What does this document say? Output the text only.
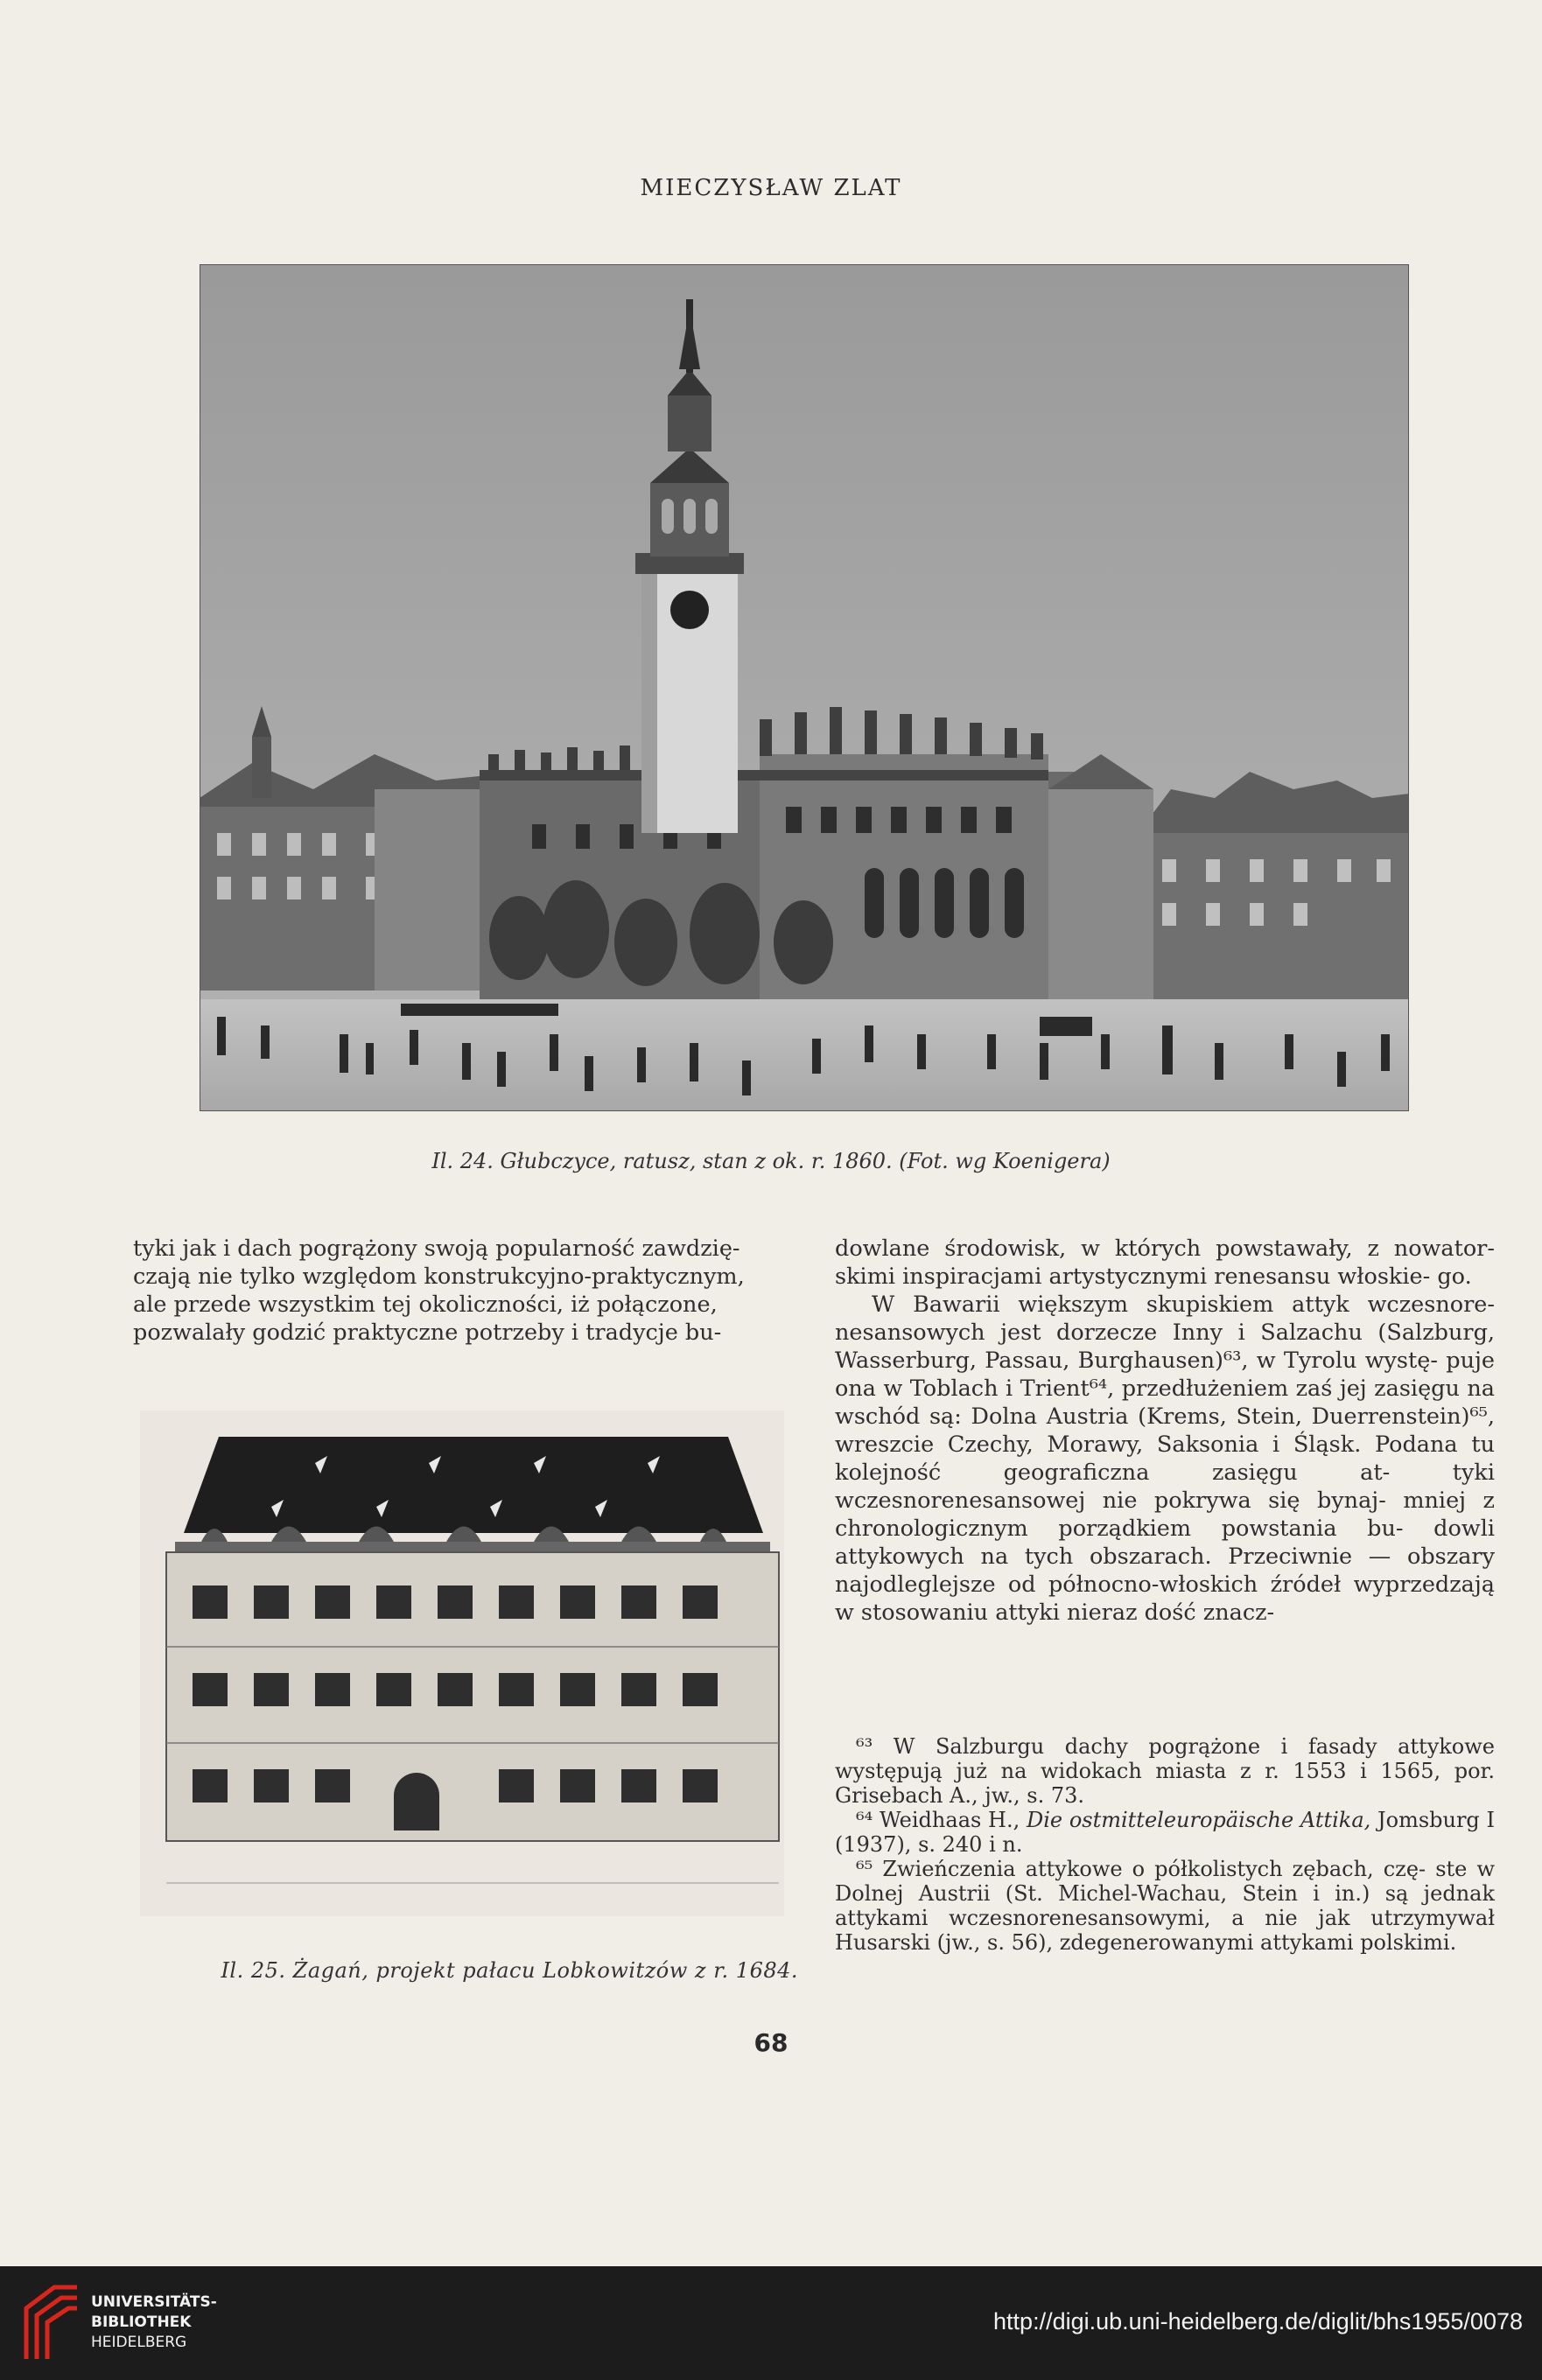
MIECZYSŁAW ZLAT
Il. 24. Głubczyce, ratusz, stan z ok. r. 1860. (Fot. wg Koenigera)

tyki jak i dach pogrążony swoją popularność zawdzię-

czają nie tylko względom konstrukcyjno-praktycznym,

ale przede wszystkim tej okoliczności, iż połączone,

pozwalały godzić praktyczne potrzeby i tradycje bu-

dowlane środowisk, w których powstawały, z nowator- skimi inspiracjami artystycznymi renesansu włoskie- go.

W Bawarii większym skupiskiem attyk wczesnore- nesansowych jest dorzecze Inny i Salzachu (Salzburg, Wasserburg, Passau, Burghausen)⁶³, w Tyrolu wystę- puje ona w Toblach i Trient⁶⁴, przedłużeniem zaś jej zasięgu na wschód są: Dolna Austria (Krems, Stein, Duerrenstein)⁶⁵, wreszcie Czechy, Morawy, Saksonia i Śląsk. Podana tu kolejność geograficzna zasięgu at- tyki wczesnorenesansowej nie pokrywa się bynaj- mniej z chronologicznym porządkiem powstania bu- dowli attykowych na tych obszarach. Przeciwnie — obszary najodleglejsze od północno-włoskich źródeł wyprzedzają w stosowaniu attyki nieraz dość znacz-

Il. 25. Żagań, projekt pałacu Lobkowitzów z r. 1684.

⁶³ W Salzburgu dachy pogrążone i fasady attykowe występują już na widokach miasta z r. 1553 i 1565, por. Grisebach A., jw., s. 73.

⁶⁴ Weidhaas H., Die ostmitteleuropäische Attika, Jomsburg I (1937), s. 240 i n.

⁶⁵ Zwieńczenia attykowe o półkolistych zębach, czę- ste w Dolnej Austrii (St. Michel-Wachau, Stein i in.) są jednak attykami wczesnorenesansowymi, a nie jak utrzymywał Husarski (jw., s. 56), zdegenerowanymi attykami polskimi.

68
UNIVERSITÄTS-
BIBLIOTHEK
HEIDELBERG
http://digi.ub.uni-heidelberg.de/diglit/bhs1955/0078
